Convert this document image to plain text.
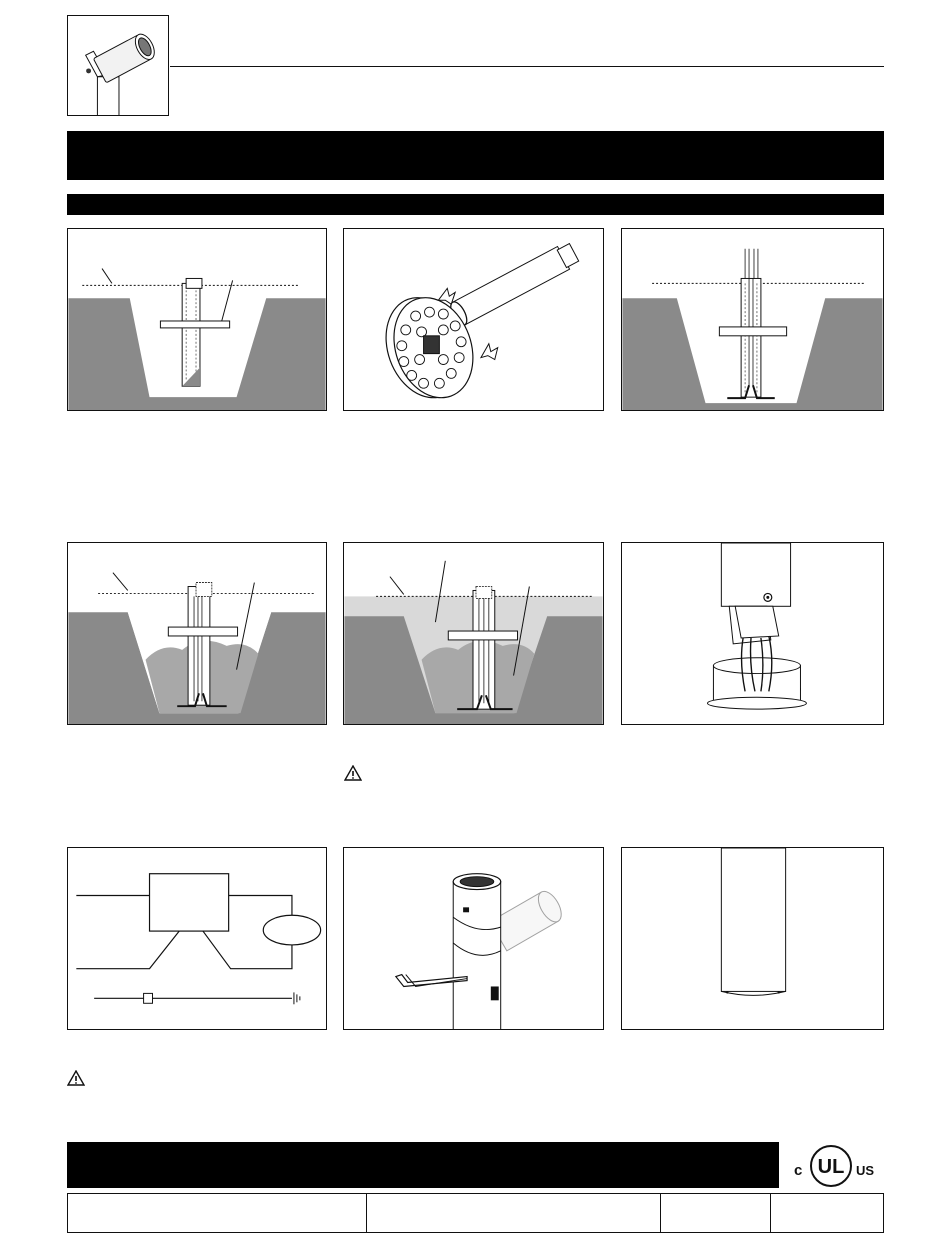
c UL US
